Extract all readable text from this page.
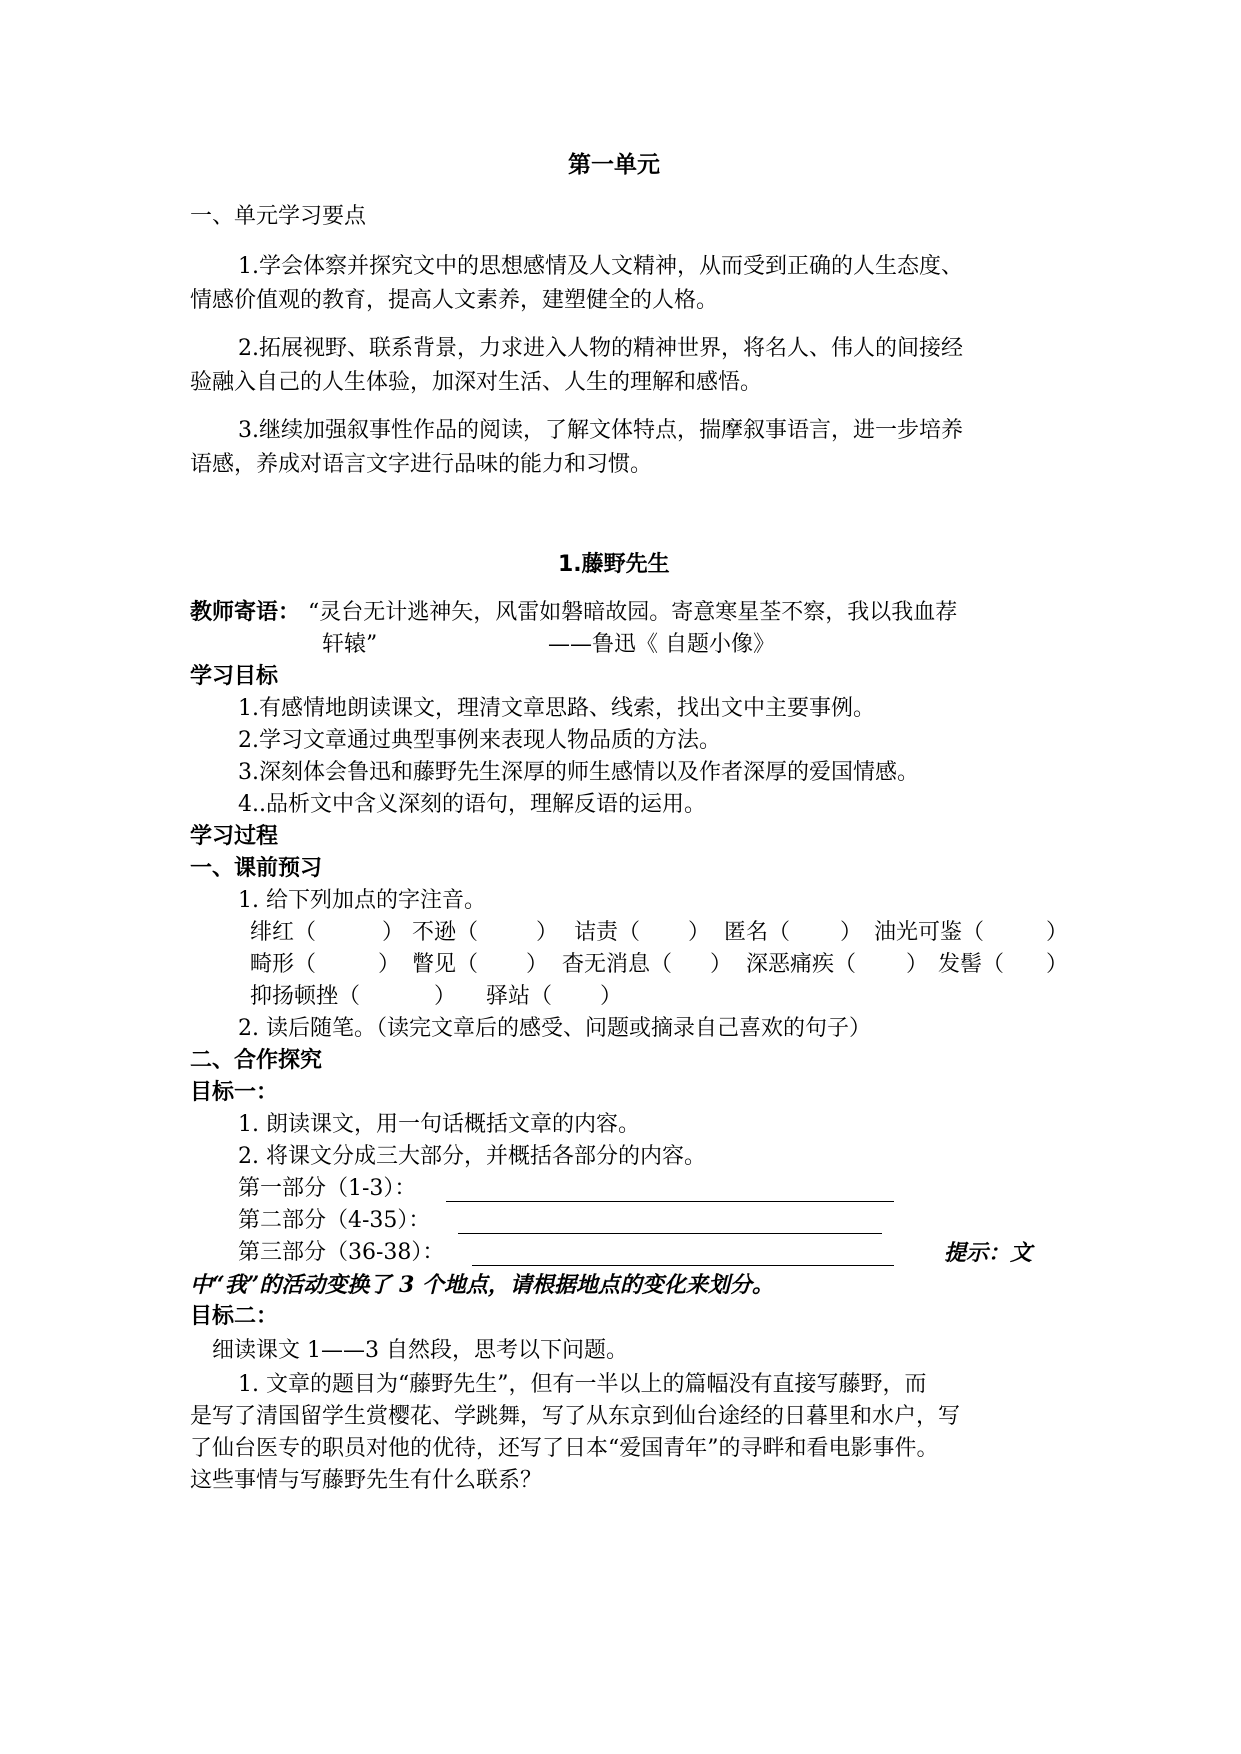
第一单元
一、单元学习要点
1.学会体察并探究文中的思想感情及人文精神，从而受到正确的人生态度、
情感价值观的教育，提高人文素养，建塑健全的人格。
2.拓展视野、联系背景，力求进入人物的精神世界，将名人、伟人的间接经
验融入自己的人生体验，加深对生活、人生的理解和感悟。
3.继续加强叙事性作品的阅读，了解文体特点，揣摩叙事语言，进一步培养
语感，养成对语言文字进行品味的能力和习惯。
1.藤野先生
教师寄语： “灵台无计逃神矢，风雷如磐暗故园。寄意寒星荃不察，我以我血荐
轩辕”	——鲁迅《 自题小像》
学习目标
1.有感情地朗读课文，理清文章思路、线索，找出文中主要事例。
2.学习文章通过典型事例来表现人物品质的方法。
3.深刻体会鲁迅和藤野先生深厚的师生感情以及作者深厚的爱国情感。
4..品析文中含义深刻的语句，理解反语的运用。
学习过程
一、课前预习
1. 给下列加点的字注音。
绯红（	） 不逊（	） 诘责（ ） 匿名（ ） 油光可鉴（	）
畸形（	） 瞥见（ ） 杳无消息（ ） 深恶痛疾（ ） 发髻（ ）
抑扬顿挫（	） 驿站（ ）
2. 读后随笔。（读完文章后的感受、问题或摘录自己喜欢的句子）
二、合作探究
目标一：
1. 朗读课文，用一句话概括文章的内容。
2. 将课文分成三大部分，并概括各部分的内容。
第一部分（1-3）：
第二部分（4-35）：
第三部分（36-38）：	提示：文
中“我”的活动变换了 3 个地点，请根据地点的变化来划分。
目标二：
细读课文 1——3 自然段，思考以下问题。
1. 文章的题目为“藤野先生”，但有一半以上的篇幅没有直接写藤野，而
是写了清国留学生赏樱花、学跳舞，写了从东京到仙台途经的日暮里和水户，写
了仙台医专的职员对他的优待，还写了日本“爱国青年”的寻畔和看电影事件。
这些事情与写藤野先生有什么联系？
